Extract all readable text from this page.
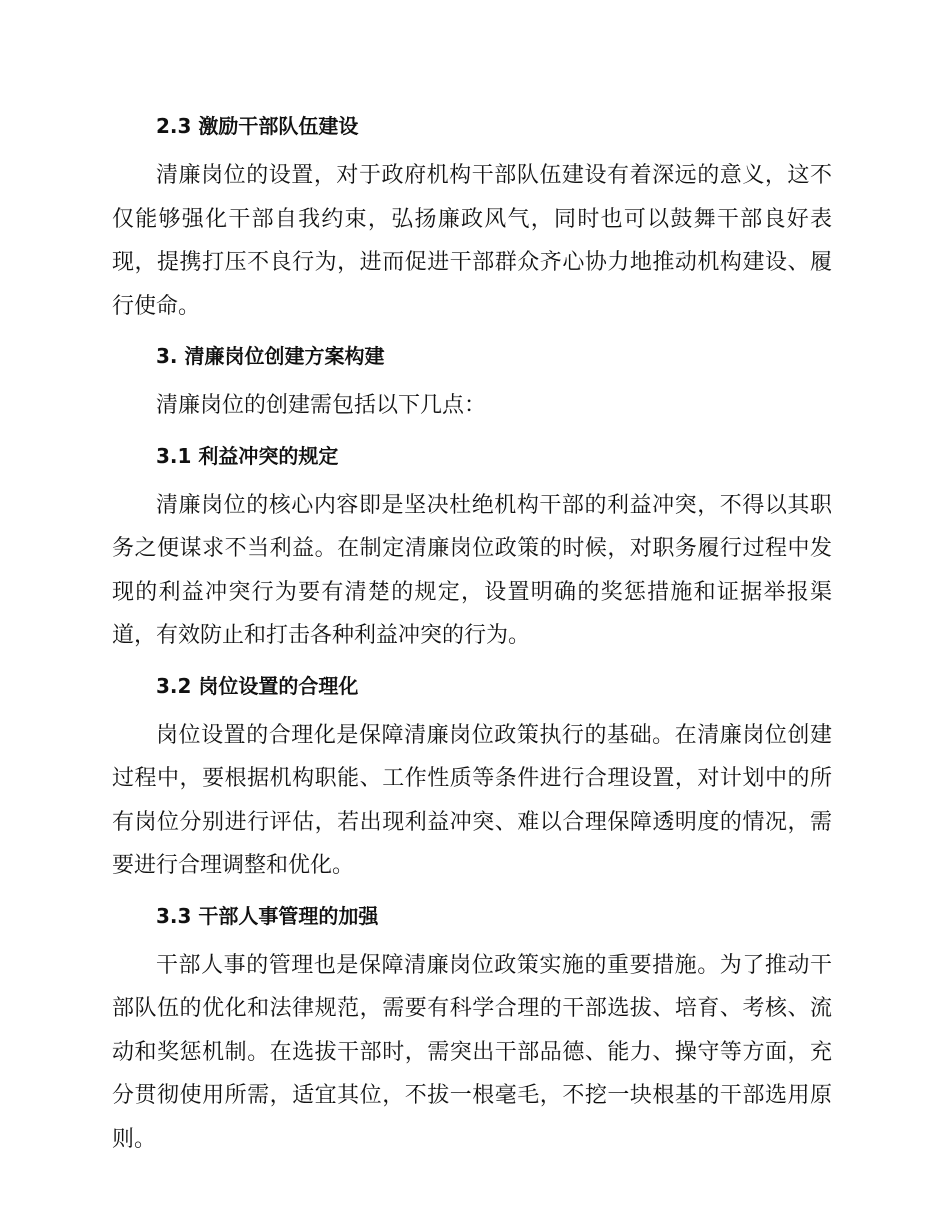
2.3 激励干部队伍建设

清廉岗位的设置，对于政府机构干部队伍建设有着深远的意义，这不仅能够强化干部自我约束，弘扬廉政风气，同时也可以鼓舞干部良好表现，提携打压不良行为，进而促进干部群众齐心协力地推动机构建设、履行使命。

3. 清廉岗位创建方案构建

清廉岗位的创建需包括以下几点：

3.1 利益冲突的规定

清廉岗位的核心内容即是坚决杜绝机构干部的利益冲突，不得以其职务之便谋求不当利益。在制定清廉岗位政策的时候，对职务履行过程中发现的利益冲突行为要有清楚的规定，设置明确的奖惩措施和证据举报渠道，有效防止和打击各种利益冲突的行为。

3.2 岗位设置的合理化

岗位设置的合理化是保障清廉岗位政策执行的基础。在清廉岗位创建过程中，要根据机构职能、工作性质等条件进行合理设置，对计划中的所有岗位分别进行评估，若出现利益冲突、难以合理保障透明度的情况，需要进行合理调整和优化。

3.3 干部人事管理的加强

干部人事的管理也是保障清廉岗位政策实施的重要措施。为了推动干部队伍的优化和法律规范，需要有科学合理的干部选拔、培育、考核、流动和奖惩机制。在选拔干部时，需突出干部品德、能力、操守等方面，充分贯彻使用所需，适宜其位，不拔一根毫毛，不挖一块根基的干部选用原则。
